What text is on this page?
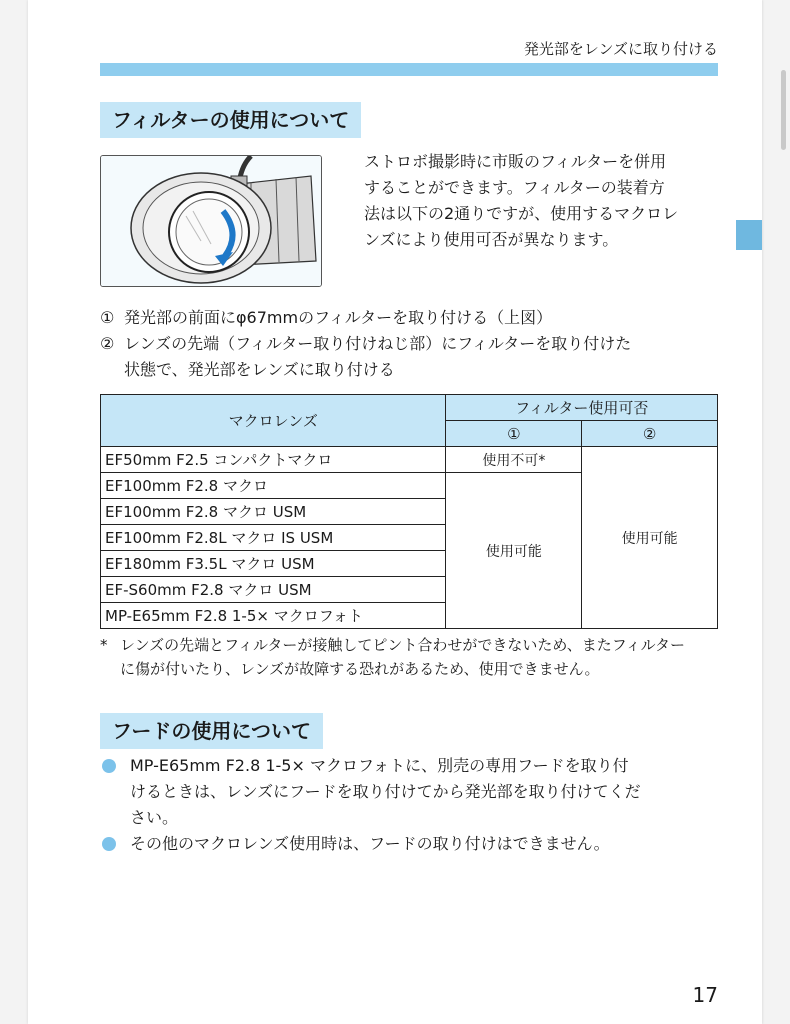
発光部をレンズに取り付ける
フィルターの使用について
ストロボ撮影時に市販のフィルターを併用
することができます。フィルターの装着方
法は以下の2通りですが、使用するマクロレ
ンズにより使用可否が異なります。
① 発光部の前面にφ67mmのフィルターを取り付ける（上図）
② レンズの先端（フィルター取り付けねじ部）にフィルターを取り付けた
状態で、発光部をレンズに取り付ける
マクロレンズ	フィルター使用可否	
	①	②
EF50mm F2.5 コンパクトマクロ	使用不可*	使用可能
EF100mm F2.8 マクロ	使用可能	
EF100mm F2.8 マクロ USM		
EF100mm F2.8L マクロ IS USM		
EF180mm F3.5L マクロ USM		
EF-S60mm F2.8 マクロ USM		
MP-E65mm F2.8 1-5× マクロフォト		
* レンズの先端とフィルターが接触してピント合わせができないため、またフィルター
に傷が付いたり、レンズが故障する恐れがあるため、使用できません。
フードの使用について
MP-E65mm F2.8 1-5× マクロフォトに、別売の専用フードを取り付
けるときは、レンズにフードを取り付けてから発光部を取り付けてくだ
さい。
その他のマクロレンズ使用時は、フードの取り付けはできません。
17
